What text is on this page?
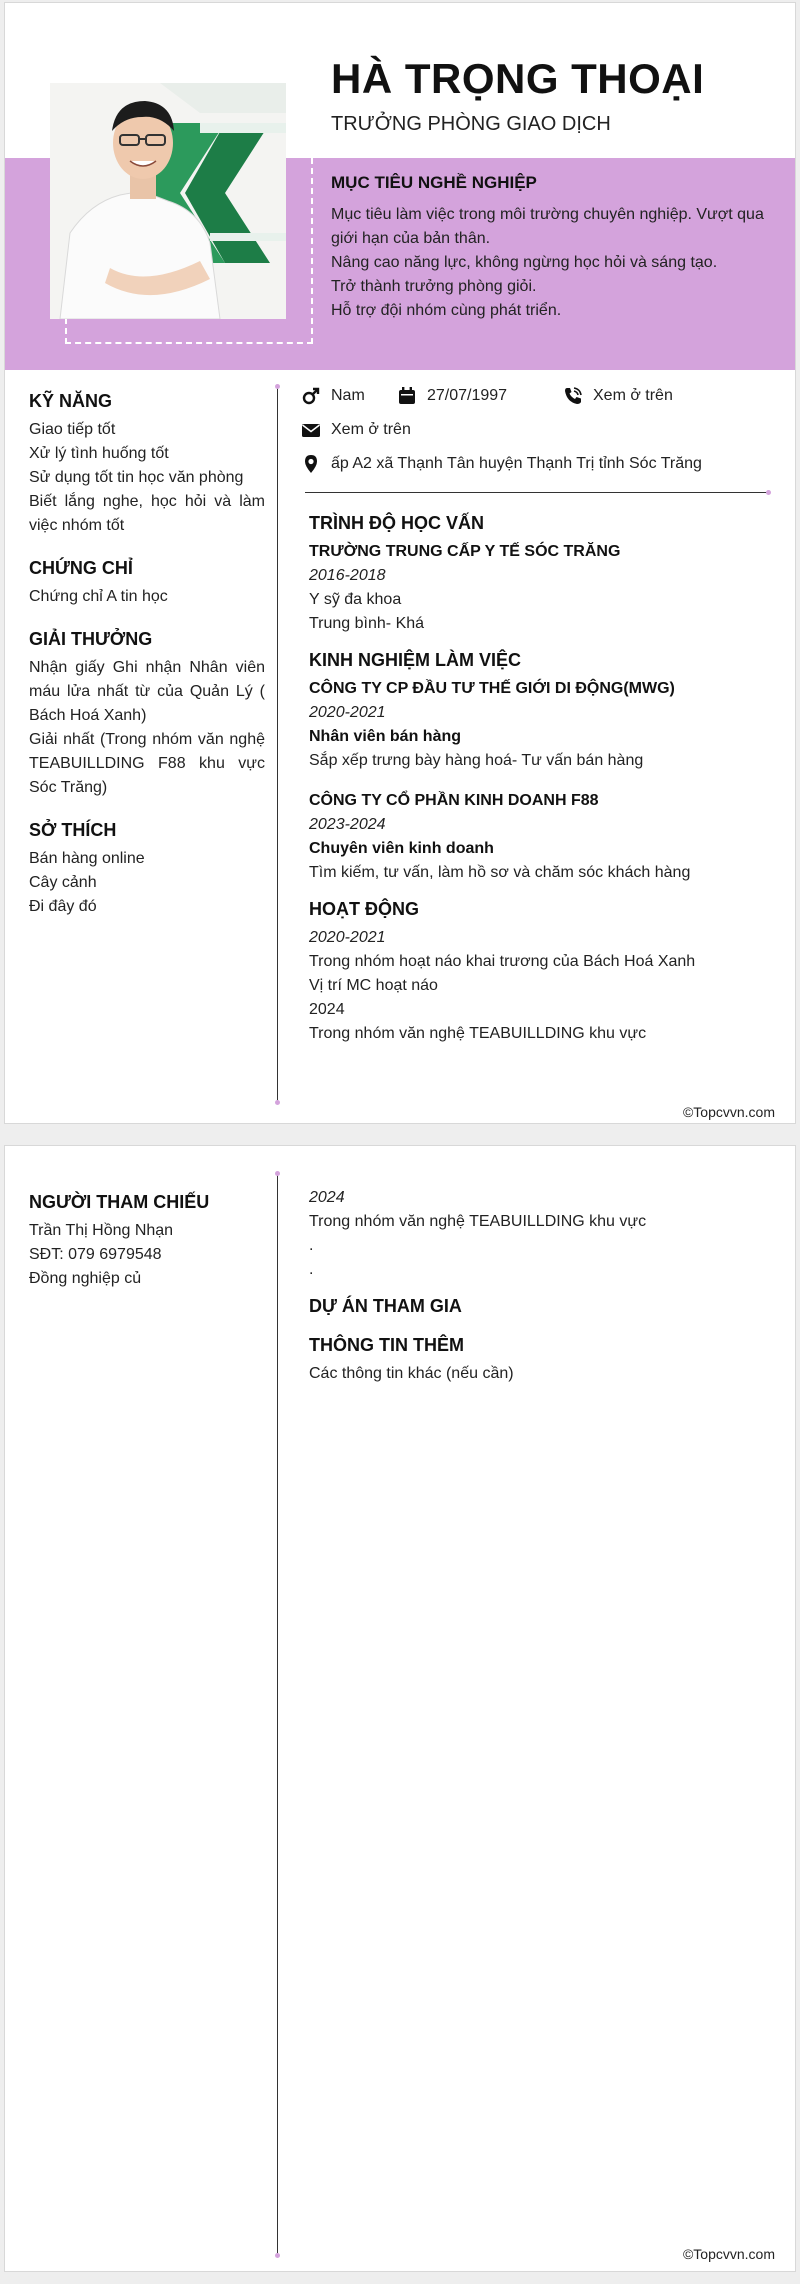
HÀ TRỌNG THOẠI
TRƯỞNG PHÒNG GIAO DỊCH
MỤC TIÊU NGHỀ NGHIỆP

Mục tiêu làm việc trong môi trường chuyên nghiệp. Vượt qua giới hạn của bản thân.

Nâng cao năng lực, không ngừng học hỏi và sáng tạo.

Trở thành trưởng phòng giỏi.

Hỗ trợ đội nhóm cùng phát triển.

KỸ NĂNG
Giao tiếp tốt
Xử lý tình huống tốt
Sử dụng tốt tin học văn phòng
Biết lắng nghe, học hỏi và làm việc nhóm tốt
CHỨNG CHỈ
Chứng chỉ A tin học
GIẢI THƯỞNG
Nhận giấy Ghi nhận Nhân viên máu lửa nhất từ của Quản Lý ( Bách Hoá Xanh)
Giải nhất (Trong nhóm văn nghệ TEABUILLDING F88 khu vực Sóc Trăng)
SỞ THÍCH
Bán hàng online
Cây cảnh
Đi đây đó
Nam	27/07/1997	Xem ở trên
Xem ở trên
ấp A2 xã Thạnh Tân huyện Thạnh Trị tỉnh Sóc Trăng
TRÌNH ĐỘ HỌC VẤN
TRƯỜNG TRUNG CẤP Y TẾ SÓC TRĂNG
2016-2018
Y sỹ đa khoa
Trung bình- Khá
KINH NGHIỆM LÀM VIỆC
CÔNG TY CP ĐẦU TƯ THẾ GIỚI DI ĐỘNG(MWG)
2020-2021
Nhân viên bán hàng
Sắp xếp trưng bày hàng hoá- Tư vấn bán hàng
CÔNG TY CỔ PHẦN KINH DOANH F88
2023-2024
Chuyên viên kinh doanh
Tìm kiếm, tư vấn, làm hồ sơ và chăm sóc khách hàng
HOẠT ĐỘNG
2020-2021
Trong nhóm hoạt náo khai trương của Bách Hoá Xanh
Vị trí MC hoạt náo
2024
Trong nhóm văn nghệ TEABUILLDING khu vực
©Topcvvn.com
NGƯỜI THAM CHIẾU
Trần Thị Hồng Nhạn
SĐT: 079 6979548
Đồng nghiệp củ
2024
Trong nhóm văn nghệ TEABUILLDING khu vực
.
.
DỰ ÁN THAM GIA
THÔNG TIN THÊM
Các thông tin khác (nếu cần)
©Topcvvn.com
